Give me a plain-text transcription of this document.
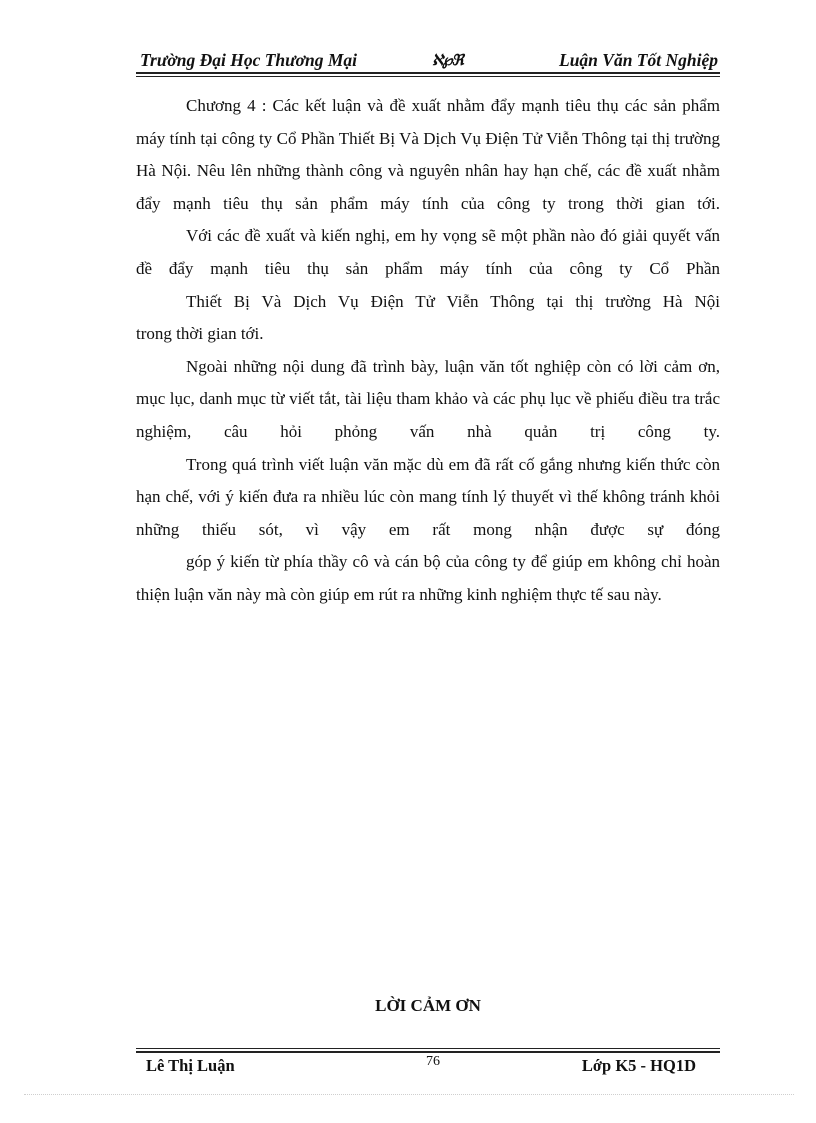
Trường Đại Học Thương Mại	ℵ℘ℜ	Luận Văn Tốt Nghiệp

Chương 4 : Các kết luận và đề xuất nhằm đẩy mạnh tiêu thụ các sản phẩm máy tính tại công ty Cổ Phần Thiết Bị Và Dịch Vụ Điện Tử Viễn Thông tại thị trường Hà Nội. Nêu lên những thành công và nguyên nhân hay hạn chế, các đề xuất nhằm đẩy mạnh tiêu thụ sản phẩm máy tính của công ty trong thời gian tới.

Với các đề xuất và kiến nghị, em hy vọng sẽ một phần nào đó giải quyết vấn đề đẩy mạnh tiêu thụ sản phẩm máy tính của công ty Cổ Phần

Thiết Bị Và Dịch Vụ Điện Tử Viễn Thông tại thị trường Hà Nội

trong thời gian tới.

Ngoài những nội dung đã trình bày, luận văn tốt nghiệp còn có lời cảm ơn, mục lục, danh mục từ viết tắt, tài liệu tham khảo và các phụ lục về phiếu điều tra trắc nghiệm, câu hỏi phỏng vấn nhà quản trị công ty.

Trong quá trình viết luận văn mặc dù em đã rất cố gắng nhưng kiến thức còn hạn chế, với ý kiến đưa ra nhiều lúc còn mang tính lý thuyết vì thế không tránh khỏi những thiếu sót, vì vậy em rất mong nhận được sự đóng

góp ý kiến từ phía thầy cô và cán bộ của công ty để giúp em không chỉ hoàn thiện luận văn này mà còn giúp em rút ra những kinh nghiệm thực tế sau này.

LỜI CẢM ƠN
Lê Thị Luận	76	Lớp K5 - HQ1D
